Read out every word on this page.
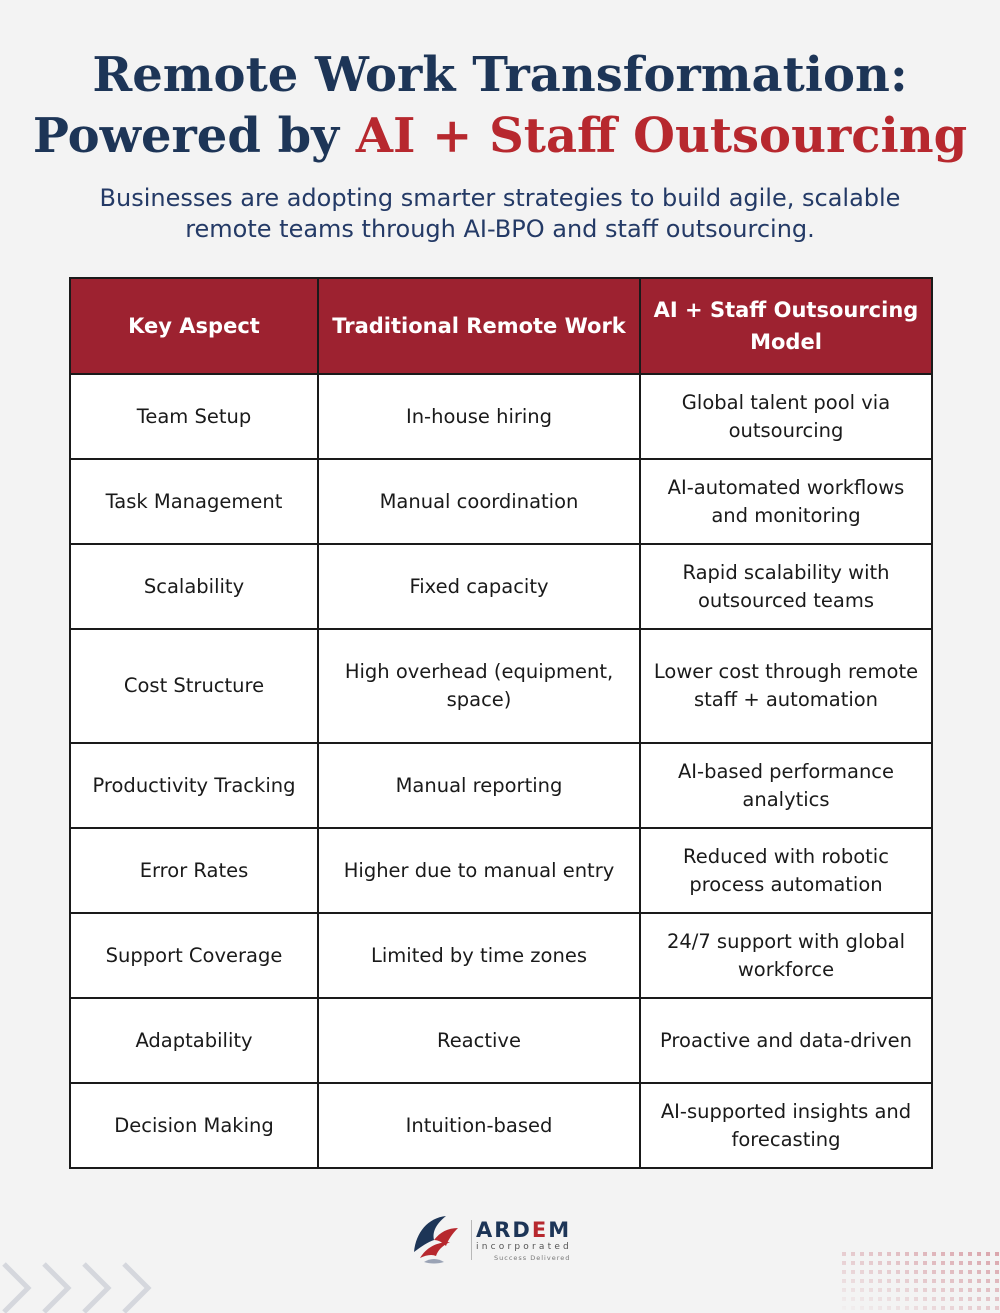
Remote Work Transformation:
Powered by AI + Staff Outsourcing

Businesses are adopting smarter strategies to build agile, scalable remote teams through AI-BPO and staff outsourcing.

Key Aspect	Traditional Remote Work	AI + Staff Outsourcing Model
Team Setup	In-house hiring	Global talent pool via outsourcing
Task Management	Manual coordination	AI-automated workflows and monitoring
Scalability	Fixed capacity	Rapid scalability with outsourced teams
Cost Structure	High overhead (equipment, space)	Lower cost through remote staff + automation
Productivity Tracking	Manual reporting	AI-based performance analytics
Error Rates	Higher due to manual entry	Reduced with robotic process automation
Support Coverage	Limited by time zones	24/7 support with global workforce
Adaptability	Reactive	Proactive and data-driven
Decision Making	Intuition-based	AI-supported insights and forecasting
ARDEM
incorporated
Success Delivered
